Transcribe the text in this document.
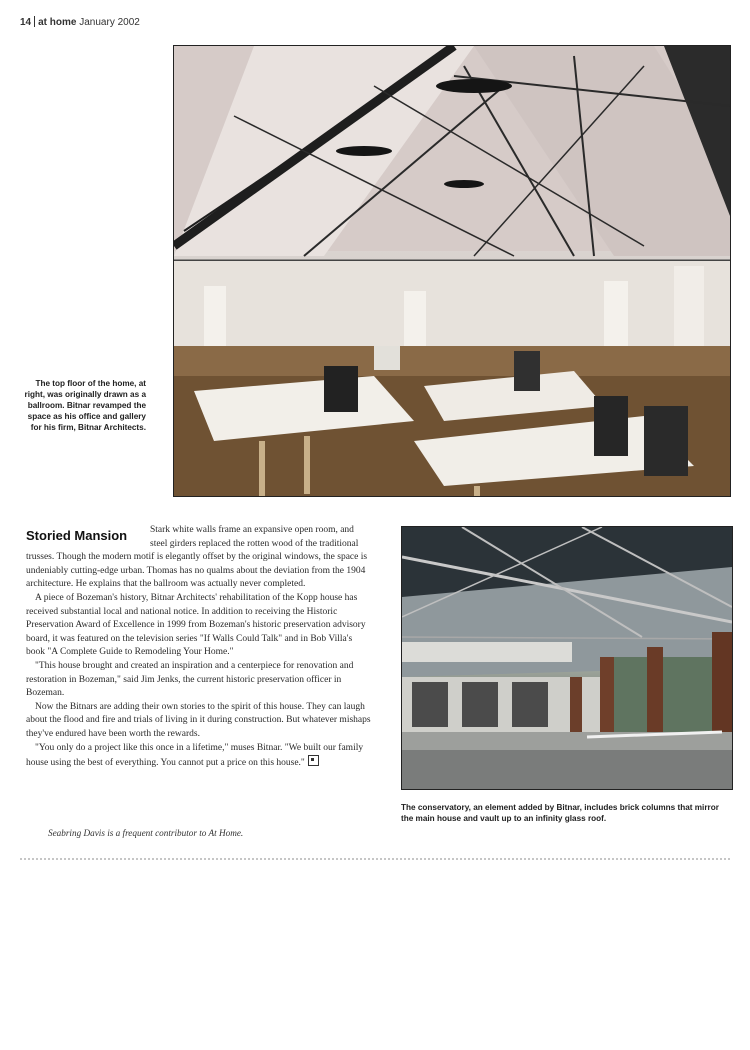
14 at home January 2002
The top floor of the home, at right, was originally drawn as a ballroom. Bitnar revamped the space as his office and gallery for his firm, Bitnar Architects.
Storied Mansion	Stark white walls frame an expansive open room, and steel girders replaced the rotten wood of the traditional trusses. Though the modern motif is elegantly offset by the original windows, the space is undeniably cutting-edge urban. Thomas has no qualms about the deviation from the 1904 architecture. He explains that the ballroom was actually never completed.

A piece of Bozeman's history, Bitnar Architects' rehabilitation of the Kopp house has received substantial local and national notice. In addition to receiving the Historic Preservation Award of Excellence in 1999 from Bozeman's historic preservation advisory board, it was featured on the television series "If Walls Could Talk" and in Bob Villa's book "A Complete Guide to Remodeling Your Home."

"This house brought and created an inspiration and a centerpiece for renovation and restoration in Bozeman," said Jim Jenks, the current historic preservation officer in Bozeman.

Now the Bitnars are adding their own stories to the spirit of this house. They can laugh about the flood and fire and trials of living in it during construction. But whatever mishaps they've endured have been worth the rewards.

"You only do a project like this once in a lifetime," muses Bitnar. "We built our family house using the best of everything. You cannot put a price on this house."

Seabring Davis is a frequent contributor to At Home.
The conservatory, an element added by Bitnar, includes brick columns that mirror the main house and vault up to an infinity glass roof.
